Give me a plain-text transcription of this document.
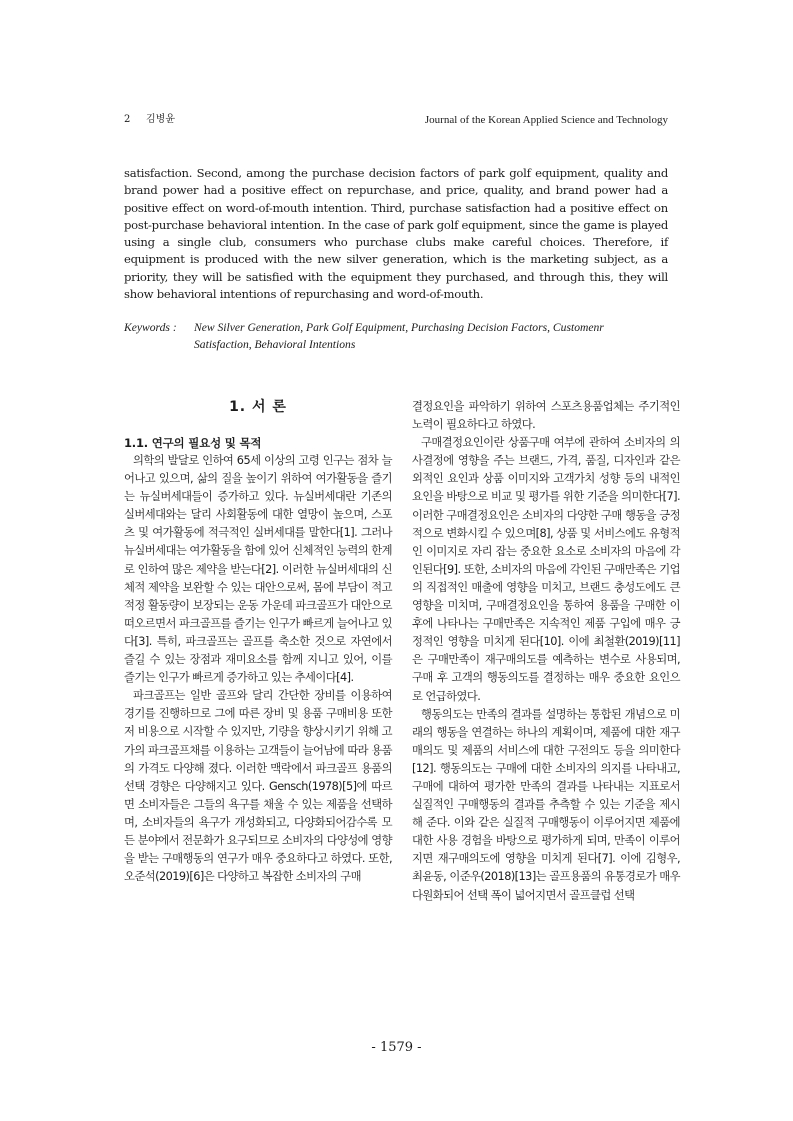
2 김병윤	Journal of the Korean Applied Science and Technology
satisfaction. Second, among the purchase decision factors of park golf equipment, quality and brand power had a positive effect on repurchase, and price, quality, and brand power had a positive effect on word-of-mouth intention. Third, purchase satisfaction had a positive effect on post-purchase behavioral intention. In the case of park golf equipment, since the game is played using a single club, consumers who purchase clubs make careful choices. Therefore, if equipment is produced with the new silver generation, which is the marketing subject, as a priority, they will be satisfied with the equipment they purchased, and through this, they will show behavioral intentions of repurchasing and word-of-mouth.
Keywords : New Silver Generation, Park Golf Equipment, Purchasing Decision Factors, Customenr
Satisfaction, Behavioral Intentions
1. 서 론
1.1. 연구의 필요성 및 목적

의학의 발달로 인하여 65세 이상의 고령 인구는 점차 늘어나고 있으며, 삶의 질을 높이기 위하여 여가활동을 즐기는 뉴실버세대들이 증가하고 있다. 뉴실버세대란 기존의 실버세대와는 달리 사회활동에 대한 열망이 높으며, 스포츠 및 여가활동에 적극적인 실버세대를 말한다[1]. 그러나 뉴실버세대는 여가활동을 함에 있어 신체적인 능력의 한계로 인하여 많은 제약을 받는다[2]. 이러한 뉴실버세대의 신체적 제약을 보완할 수 있는 대안으로써, 몸에 부담이 적고 적정 활동량이 보장되는 운동 가운데 파크골프가 대안으로 떠오르면서 파크골프를 즐기는 인구가 빠르게 늘어나고 있다[3]. 특히, 파크골프는 골프를 축소한 것으로 자연에서 즐길 수 있는 장점과 재미요소를 함께 지니고 있어, 이를 즐기는 인구가 빠르게 증가하고 있는 추세이다[4].

파크골프는 일반 골프와 달리 간단한 장비를 이용하여 경기를 진행하므로 그에 따른 장비 및 용품 구매비용 또한 저 비용으로 시작할 수 있지만, 기량을 향상시키기 위해 고가의 파크골프채를 이용하는 고객들이 늘어남에 따라 용품의 가격도 다양해 졌다. 이러한 맥락에서 파크골프 용품의 선택 경향은 다양해지고 있다. Gensch(1978)[5]에 따르면 소비자들은 그들의 욕구를 채울 수 있는 제품을 선택하며, 소비자들의 욕구가 개성화되고, 다양화되어감수록 모든 분야에서 전문화가 요구되므로 소비자의 다양성에 영향을 받는 구매행동의 연구가 매우 중요하다고 하였다. 또한, 오준석(2019)[6]은 다양하고 복잡한 소비자의 구매

결정요인을 파악하기 위하여 스포츠용품업체는 주기적인 노력이 필요하다고 하였다.

구매결정요인이란 상품구매 여부에 관하여 소비자의 의사결정에 영향을 주는 브랜드, 가격, 품질, 디자인과 같은 외적인 요인과 상품 이미지와 고객가치 성향 등의 내적인 요인을 바탕으로 비교 및 평가를 위한 기준을 의미한다[7]. 이러한 구매결정요인은 소비자의 다양한 구매 행동을 긍정적으로 변화시킬 수 있으며[8], 상품 및 서비스에도 유형적인 이미지로 자리 잡는 중요한 요소로 소비자의 마음에 각인된다[9]. 또한, 소비자의 마음에 각인된 구매만족은 기업의 직접적인 매출에 영향을 미치고, 브랜드 충성도에도 큰 영향을 미치며, 구매결정요인을 통하여 용품을 구매한 이후에 나타나는 구매만족은 지속적인 제품 구입에 매우 긍정적인 영향을 미치게 된다[10]. 이에 최철환(2019)[11]은 구매만족이 재구매의도를 예측하는 변수로 사용되며, 구매 후 고객의 행동의도를 결정하는 매우 중요한 요인으로 언급하였다.

행동의도는 만족의 결과를 설명하는 통합된 개념으로 미래의 행동을 연결하는 하나의 계획이며, 제품에 대한 재구매의도 및 제품의 서비스에 대한 구전의도 등을 의미한다[12]. 행동의도는 구매에 대한 소비자의 의지를 나타내고, 구매에 대하여 평가한 만족의 결과를 나타내는 지표로서 실질적인 구매행동의 결과를 추측할 수 있는 기준을 제시해 준다. 이와 같은 실질적 구매행동이 이루어지면 제품에 대한 사용 경험을 바탕으로 평가하게 되며, 만족이 이루어지면 재구매의도에 영향을 미치게 된다[7]. 이에 김형우, 최윤동, 이준우(2018)[13]는 골프용품의 유통경로가 매우 다원화되어 선택 폭이 넓어지면서 골프클럽 선택

- 1579 -
